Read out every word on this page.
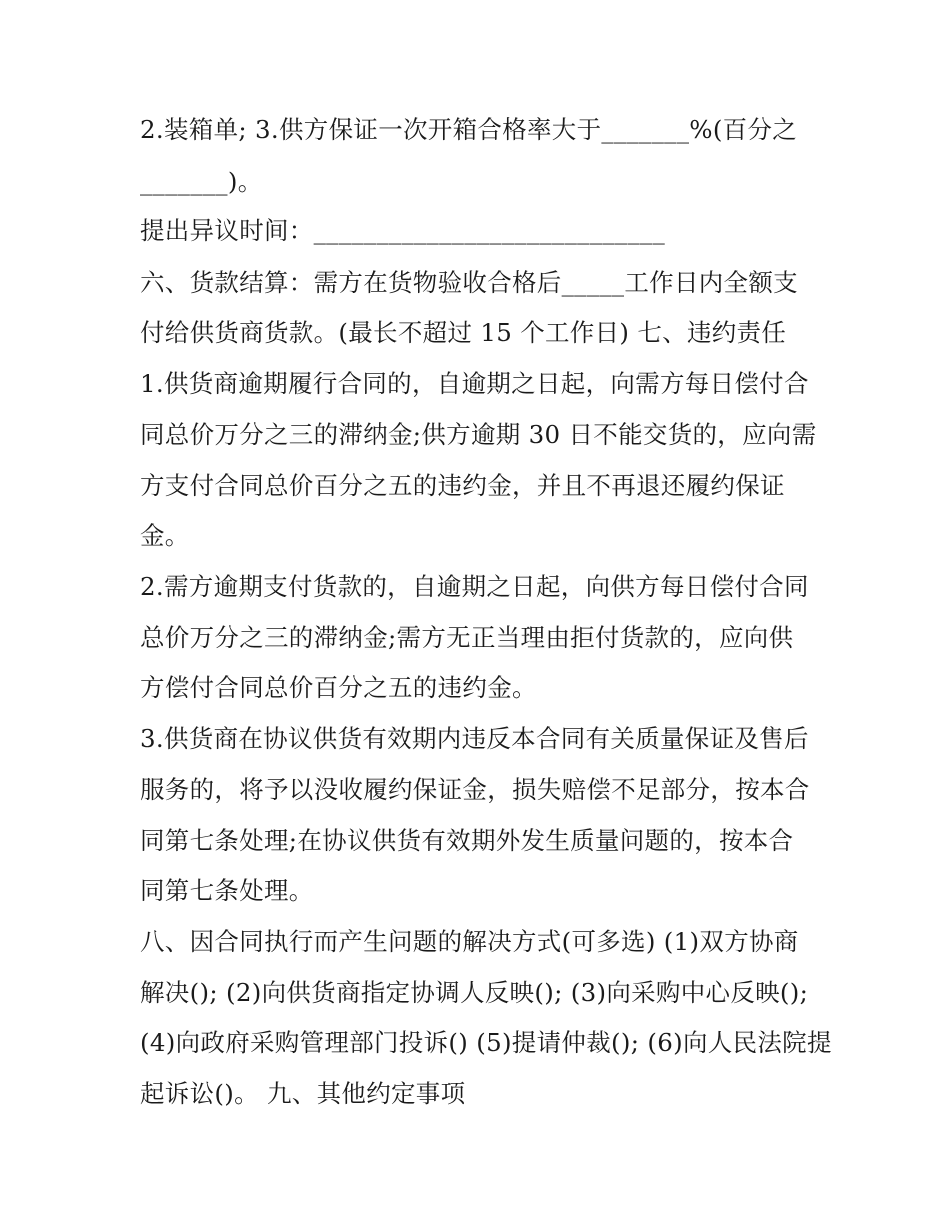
2.装箱单; 3.供方保证一次开箱合格率大于_______%(百分之
_______)。
提出异议时间：____________________________
六、货款结算：需方在货物验收合格后_____工作日内全额支
付给供货商货款。(最长不超过 15 个工作日) 七、违约责任
1.供货商逾期履行合同的，自逾期之日起，向需方每日偿付合
同总价万分之三的滞纳金;供方逾期 30 日不能交货的，应向需
方支付合同总价百分之五的违约金，并且不再退还履约保证
金。
2.需方逾期支付货款的，自逾期之日起，向供方每日偿付合同
总价万分之三的滞纳金;需方无正当理由拒付货款的，应向供
方偿付合同总价百分之五的违约金。
3.供货商在协议供货有效期内违反本合同有关质量保证及售后
服务的，将予以没收履约保证金，损失赔偿不足部分，按本合
同第七条处理;在协议供货有效期外发生质量问题的，按本合
同第七条处理。
八、因合同执行而产生问题的解决方式(可多选) (1)双方协商
解决(); (2)向供货商指定协调人反映(); (3)向采购中心反映();
(4)向政府采购管理部门投诉() (5)提请仲裁(); (6)向人民法院提
起诉讼()。 九、其他约定事项
